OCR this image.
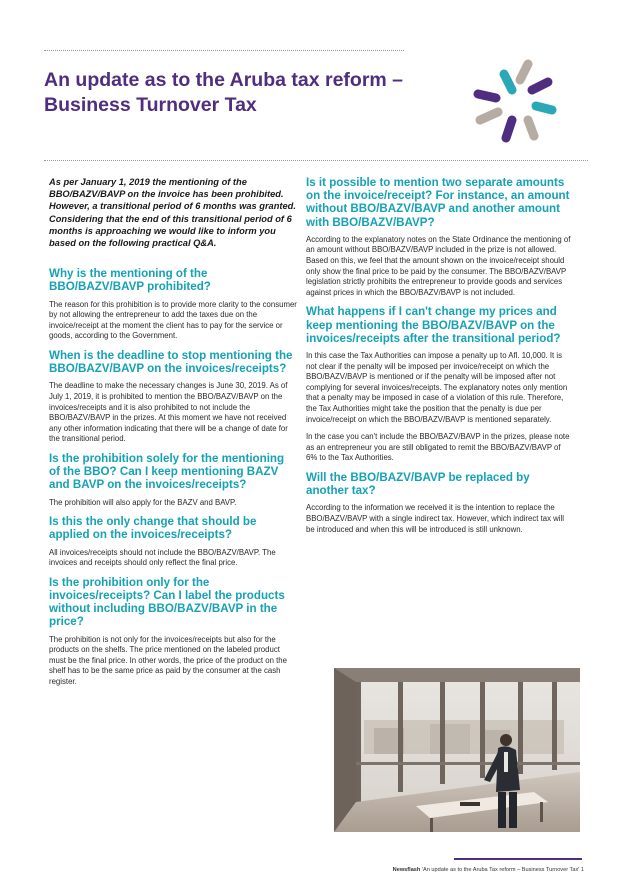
An update as to the Aruba tax reform – Business Turnover Tax

As per January 1, 2019 the mentioning of the BBO/BAZV/BAVP on the invoice has been prohibited. However, a transitional period of 6 months was granted. Considering that the end of this transitional period of 6 months is approaching we would like to inform you based on the following practical Q&A.

Why is the mentioning of the BBO/BAZV/BAVP prohibited?

The reason for this prohibition is to provide more clarity to the consumer by not allowing the entrepreneur to add the taxes due on the invoice/receipt at the moment the client has to pay for the service or goods, according to the Government.

When is the deadline to stop mentioning the BBO/BAZV/BAVP on the invoices/receipts?

The deadline to make the necessary changes is June 30, 2019. As of July 1, 2019, it is prohibited to mention the BBO/BAZV/BAVP on the invoices/receipts and it is also prohibited to not include the BBO/BAZV/BAVP in the prizes. At this moment we have not received any other information indicating that there will be a change of date for the transitional period.

Is the prohibition solely for the mentioning of the BBO? Can I keep mentioning BAZV and BAVP on the invoices/receipts?

The prohibition will also apply for the BAZV and BAVP.

Is this the only change that should be applied on the invoices/receipts?

All invoices/receipts should not include the BBO/BAZV/BAVP. The invoices and receipts should only reflect the final price.

Is the prohibition only for the invoices/receipts? Can I label the products without including BBO/BAZV/BAVP in the price?

The prohibition is not only for the invoices/receipts but also for the products on the shelfs. The price mentioned on the labeled product must be the final price. In other words, the price of the product on the shelf has to be the same price as paid by the consumer at the cash register.

Is it possible to mention two separate amounts on the invoice/receipt? For instance, an amount without BBO/BAZV/BAVP and another amount with BBO/BAZV/BAVP?

According to the explanatory notes on the State Ordinance the mentioning of an amount without BBO/BAZV/BAVP included in the prize is not allowed. Based on this, we feel that the amount shown on the invoice/receipt should only show the final price to be paid by the consumer. The BBO/BAZV/BAVP legislation strictly prohibits the entrepreneur to provide goods and services against prices in which the BBO/BAZV/BAVP is not included.

What happens if I can't change my prices and keep mentioning the BBO/BAZV/BAVP on the invoices/receipts after the transitional period?

In this case the Tax Authorities can impose a penalty up to Afl. 10,000. It is not clear if the penalty will be imposed per invoice/receipt on which the BBO/BAZV/BAVP is mentioned or if the penalty will be imposed after not complying for several invoices/receipts. The explanatory notes only mention that a penalty may be imposed in case of a violation of this rule. Therefore, the Tax Authorities might take the position that the penalty is due per invoice/receipt on which the BBO/BAZV/BAVP is mentioned separately.

In the case you can't include the BBO/BAZV/BAVP in the prizes, please note as an entrepreneur you are still obligated to remit the BBO/BAZV/BAVP of 6% to the Tax Authorities.

Will the BBO/BAZV/BAVP be replaced by another tax?

According to the information we received it is the intention to replace the BBO/BAZV/BAVP with a single indirect tax. However, which indirect tax will be introduced and when this will be introduced is still unknown.

Newsflash 'An update as to the Aruba Tax reform – Business Turnover Tax' 1
